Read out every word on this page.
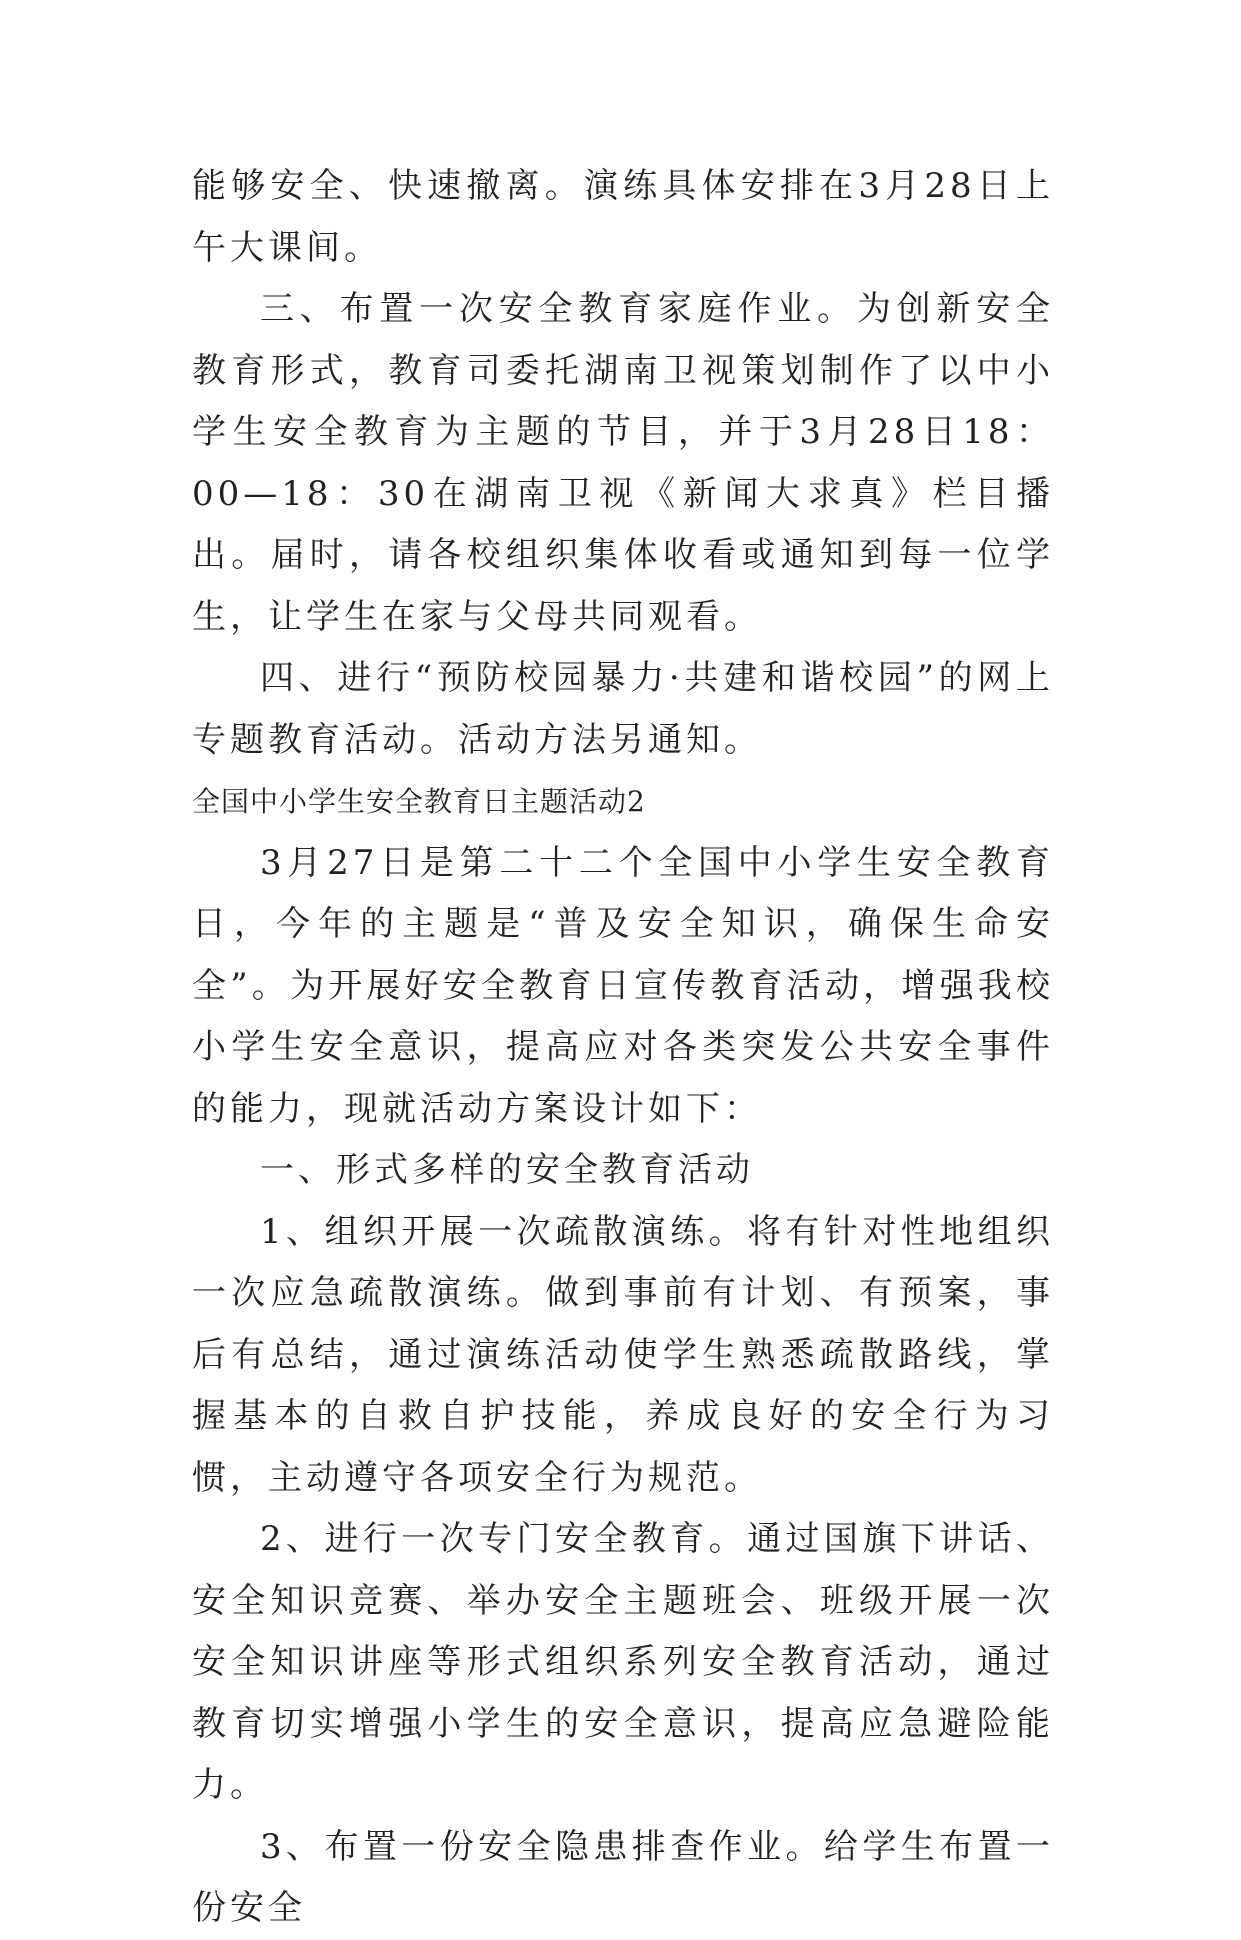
能够安全、快速撤离。演练具体安排在3月28日上午大课间。

三、布置一次安全教育家庭作业。为创新安全教育形式，教育司委托湖南卫视策划制作了以中小学生安全教育为主题的节目，并于3月28日18：00—18：30在湖南卫视《新闻大求真》栏目播出。届时，请各校组织集体收看或通知到每一位学生，让学生在家与父母共同观看。

四、进行“预防校园暴力·共建和谐校园”的网上专题教育活动。活动方法另通知。

全国中小学生安全教育日主题活动2

3月27日是第二十二个全国中小学生安全教育日，今年的主题是“普及安全知识，确保生命安全”。为开展好安全教育日宣传教育活动，增强我校小学生安全意识，提高应对各类突发公共安全事件的能力，现就活动方案设计如下：

一、形式多样的安全教育活动

1、组织开展一次疏散演练。将有针对性地组织一次应急疏散演练。做到事前有计划、有预案，事后有总结，通过演练活动使学生熟悉疏散路线，掌握基本的自救自护技能，养成良好的安全行为习惯，主动遵守各项安全行为规范。

2、进行一次专门安全教育。通过国旗下讲话、安全知识竞赛、举办安全主题班会、班级开展一次安全知识讲座等形式组织系列安全教育活动，通过教育切实增强小学生的安全意识，提高应急避险能力。

3、布置一份安全隐患排查作业。给学生布置一份安全
